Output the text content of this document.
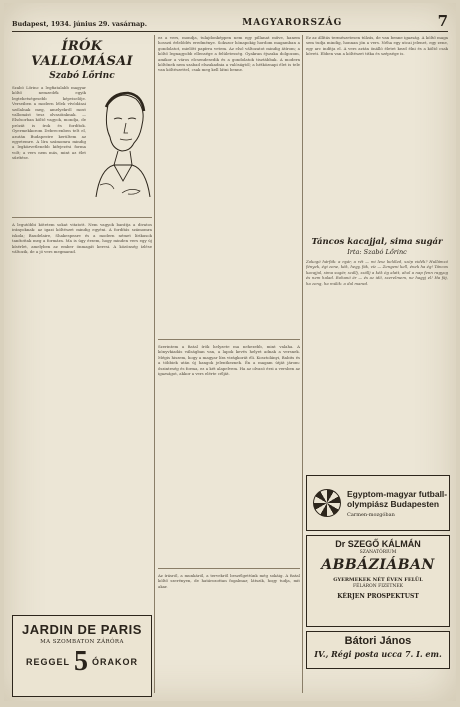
Budapest, 1934. június 29. vasárnap.	MAGYARORSZÁG	7
ÍRÓK VALLOMÁSAI
Szabó Lőrinc
Szabó Lőrinc a legfiatalabb magyar költő nemzedék egyik legtehetségesebb képviselője. Verseiben a modern lélek vívódásai szólalnak meg, amelyekről most vallomást tesz olvasóinknak. — Elsősorban költő vagyok, mondja, de prózát is írok és fordítok. Gyermekkorom Debrecenben telt el, azután Budapestre kerültem az egyetemre. A líra számomra mindig a legközvetlenebb kifejezési forma volt; a vers nem más, mint az élet sűrítése.
A legutóbbi kötetem sokat vitatott. Nem vagyok barátja a divatos irányoknak: az igazi költészet mindig egyéni. A fordítás számomra iskola; Baudelaire, Shakespeare és a modern német lírikusok tanítottak meg a formára. Ma is úgy érzem, hogy minden vers egy új kísérlet, amelyben az ember önmagát keresi. A közönség ízlése változik, de a jó vers megmarad.
JARDIN DE PARIS
MA SZOMBATON ZÁRÓRA
REGGEL 5 ÓRAKOR
ez a vers, mondja, tulajdonképpen nem egy pillanat műve, hanem hosszú érlelődés eredménye. Sokszor hónapokig hordom magamban a gondolatot, mielőtt papírra vetem. Az első változatot mindig átírom; a költő legnagyobb ellensége a felületesség. Gyakran éjszaka dolgozom, amikor a város elcsendesedik és a gondolatok tisztábbak. A modern költőnek nem szabad elszakadnia a valóságtól; a hétköznapi élet is tele van költészettel, csak meg kell látni benne.
Szerintem a fiatal írók helyzete ma nehezebb, mint valaha. A könyvkiadás válságban van, a lapok kevés helyet adnak a versnek. Mégis hiszem, hogy a magyar líra virágkorát éli. Kosztolányi, Babits és a többiek után új hangok jelentkeznek. Én a magam útját járom: őszinteség és forma, ez a két alapelvem. Ha az olvasó érzi a versben az igazságot, akkor a vers elérte célját.
Az írásról, a munkáról, a tervekről beszélgettünk még sokáig. A fiatal költő szerényen, de határozottan fogalmaz; látszik, hogy tudja, mit akar.
Ez az állítás természetesen túlzás, de van benne igazság. A költő maga sem tudja mindig, honnan jön a vers. Néha egy utcai jelenet, egy zene, egy arc indítja el. A vers aztán önálló életet kezd élni és a költő csak követi. Ebben van a költészet titka és szépsége is.
Táncos kacajjal, sima sugár
Irta: Szabó Lőrinc
Zokogó hárfák: a nyár, a rét — mi lesz belőled, szép vidék? Hullámzó fények, égi zene, kék, hegy, fák, víz — Zengeni kell, ének ha ég! Táncos kacajjal, sima sugár, szállj, szállj a kék ég alatt, ahol a nap fenn ragyog és nem halad. Rohanó ár — és az idő, szerelmem, ne hagyj el! Ha fáj, ha zeng, ha múlik: a dal marad.
Egyptom-magyar futball-
olympiász Budapesten
Carmen-mozgóban
Dr SZEGŐ KÁLMÁN
SZANATÓRIUM
ABBÁZIÁBAN
GYERMEKEK NÉT ÉVEN FELÜL
FÉLÁRON FIZETNEK
KÉRJEN PROSPEKTUST
Bátori János
IV., Régi posta ucca 7. I. em.
